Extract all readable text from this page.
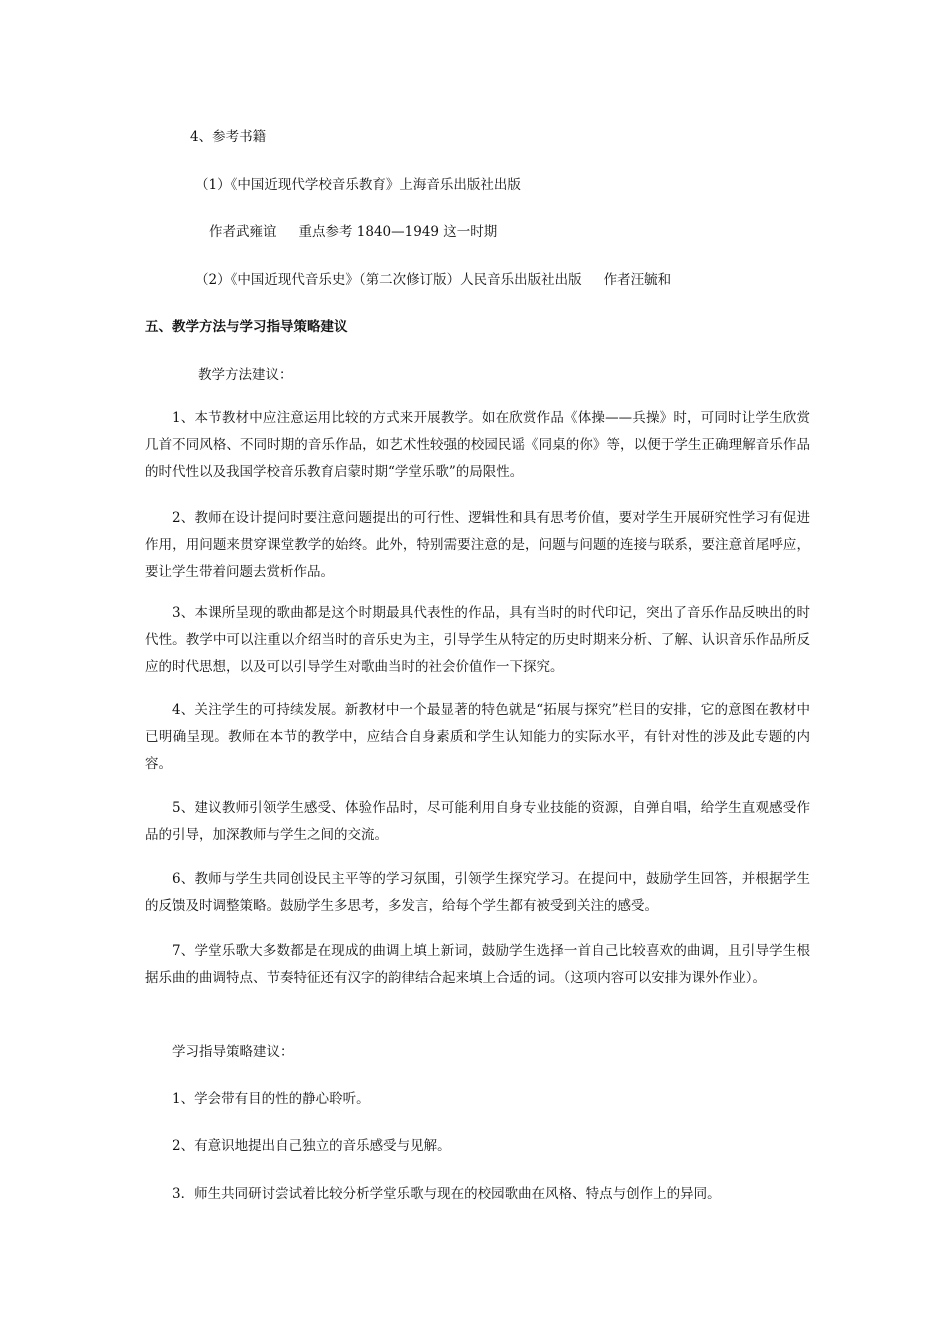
4、参考书籍
（1）《中国近现代学校音乐教育》上海音乐出版社出版
作者武雍谊 重点参考 1840—1949 这一时期
（2）《中国近现代音乐史》（第二次修订版）人民音乐出版社出版 作者汪毓和
五、教学方法与学习指导策略建议
教学方法建议：
1、本节教材中应注意运用比较的方式来开展教学。如在欣赏作品《体操——兵操》时，可同时让学生欣赏几首不同风格、不同时期的音乐作品，如艺术性较强的校园民谣《同桌的你》等，以便于学生正确理解音乐作品的时代性以及我国学校音乐教育启蒙时期“学堂乐歌”的局限性。
2、教师在设计提问时要注意问题提出的可行性、逻辑性和具有思考价值，要对学生开展研究性学习有促进作用，用问题来贯穿课堂教学的始终。此外，特别需要注意的是，问题与问题的连接与联系，要注意首尾呼应，要让学生带着问题去赏析作品。
3、本课所呈现的歌曲都是这个时期最具代表性的作品，具有当时的时代印记，突出了音乐作品反映出的时代性。教学中可以注重以介绍当时的音乐史为主，引导学生从特定的历史时期来分析、了解、认识音乐作品所反应的时代思想，以及可以引导学生对歌曲当时的社会价值作一下探究。
4、关注学生的可持续发展。新教材中一个最显著的特色就是“拓展与探究”栏目的安排，它的意图在教材中已明确呈现。教师在本节的教学中，应结合自身素质和学生认知能力的实际水平，有针对性的涉及此专题的内容。
5、建议教师引领学生感受、体验作品时，尽可能利用自身专业技能的资源，自弹自唱，给学生直观感受作品的引导，加深教师与学生之间的交流。
6、教师与学生共同创设民主平等的学习氛围，引领学生探究学习。在提问中，鼓励学生回答，并根据学生的反馈及时调整策略。鼓励学生多思考，多发言，给每个学生都有被受到关注的感受。
7、学堂乐歌大多数都是在现成的曲调上填上新词，鼓励学生选择一首自己比较喜欢的曲调，且引导学生根据乐曲的曲调特点、节奏特征还有汉字的韵律结合起来填上合适的词。（这项内容可以安排为课外作业）。
学习指导策略建议：
1、学会带有目的性的静心聆听。
2、有意识地提出自己独立的音乐感受与见解。
3．师生共同研讨尝试着比较分析学堂乐歌与现在的校园歌曲在风格、特点与创作上的异同。
